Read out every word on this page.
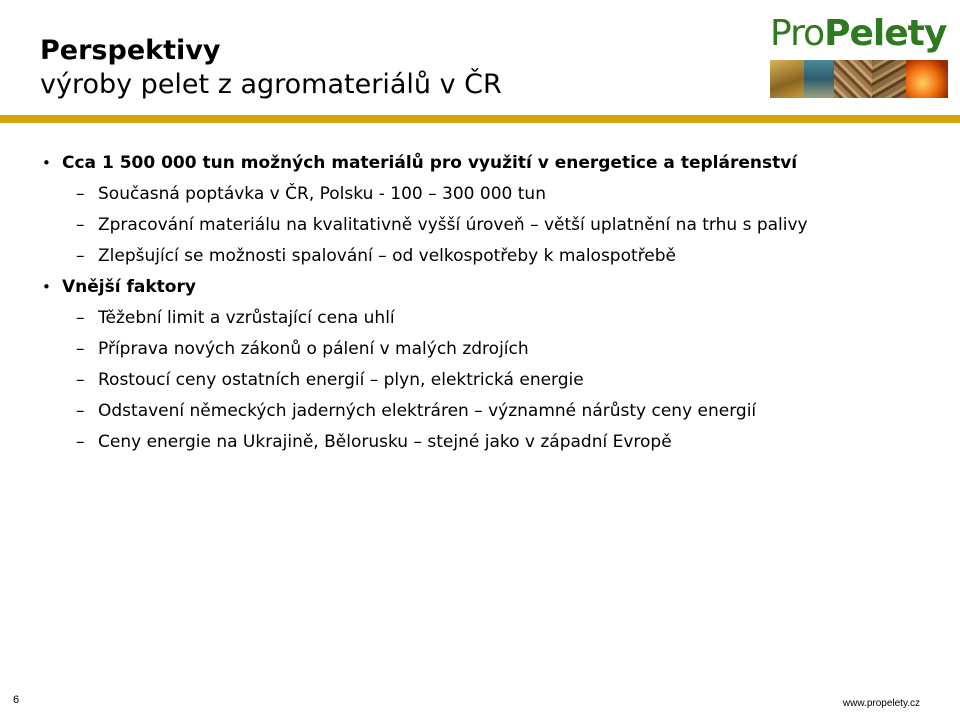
Perspektivy
výroby pelet z agromateriálů v ČR
ProPelety
• Cca 1 500 000 tun možných materiálů pro využití v energetice a teplárenství
– Současná poptávka v ČR, Polsku - 100 – 300 000 tun
– Zpracování materiálu na kvalitativně vyšší úroveň – větší uplatnění na trhu s palivy
– Zlepšující se možnosti spalování – od velkospotřeby k malospotřebě
• Vnější faktory
– Těžební limit a vzrůstající cena uhlí
– Příprava nových zákonů o pálení v malých zdrojích
– Rostoucí ceny ostatních energií – plyn, elektrická energie
– Odstavení německých jaderných elektráren – významné nárůsty ceny energií
– Ceny energie na Ukrajině, Bělorusku – stejné jako v západní Evropě
6	www.propelety.cz
